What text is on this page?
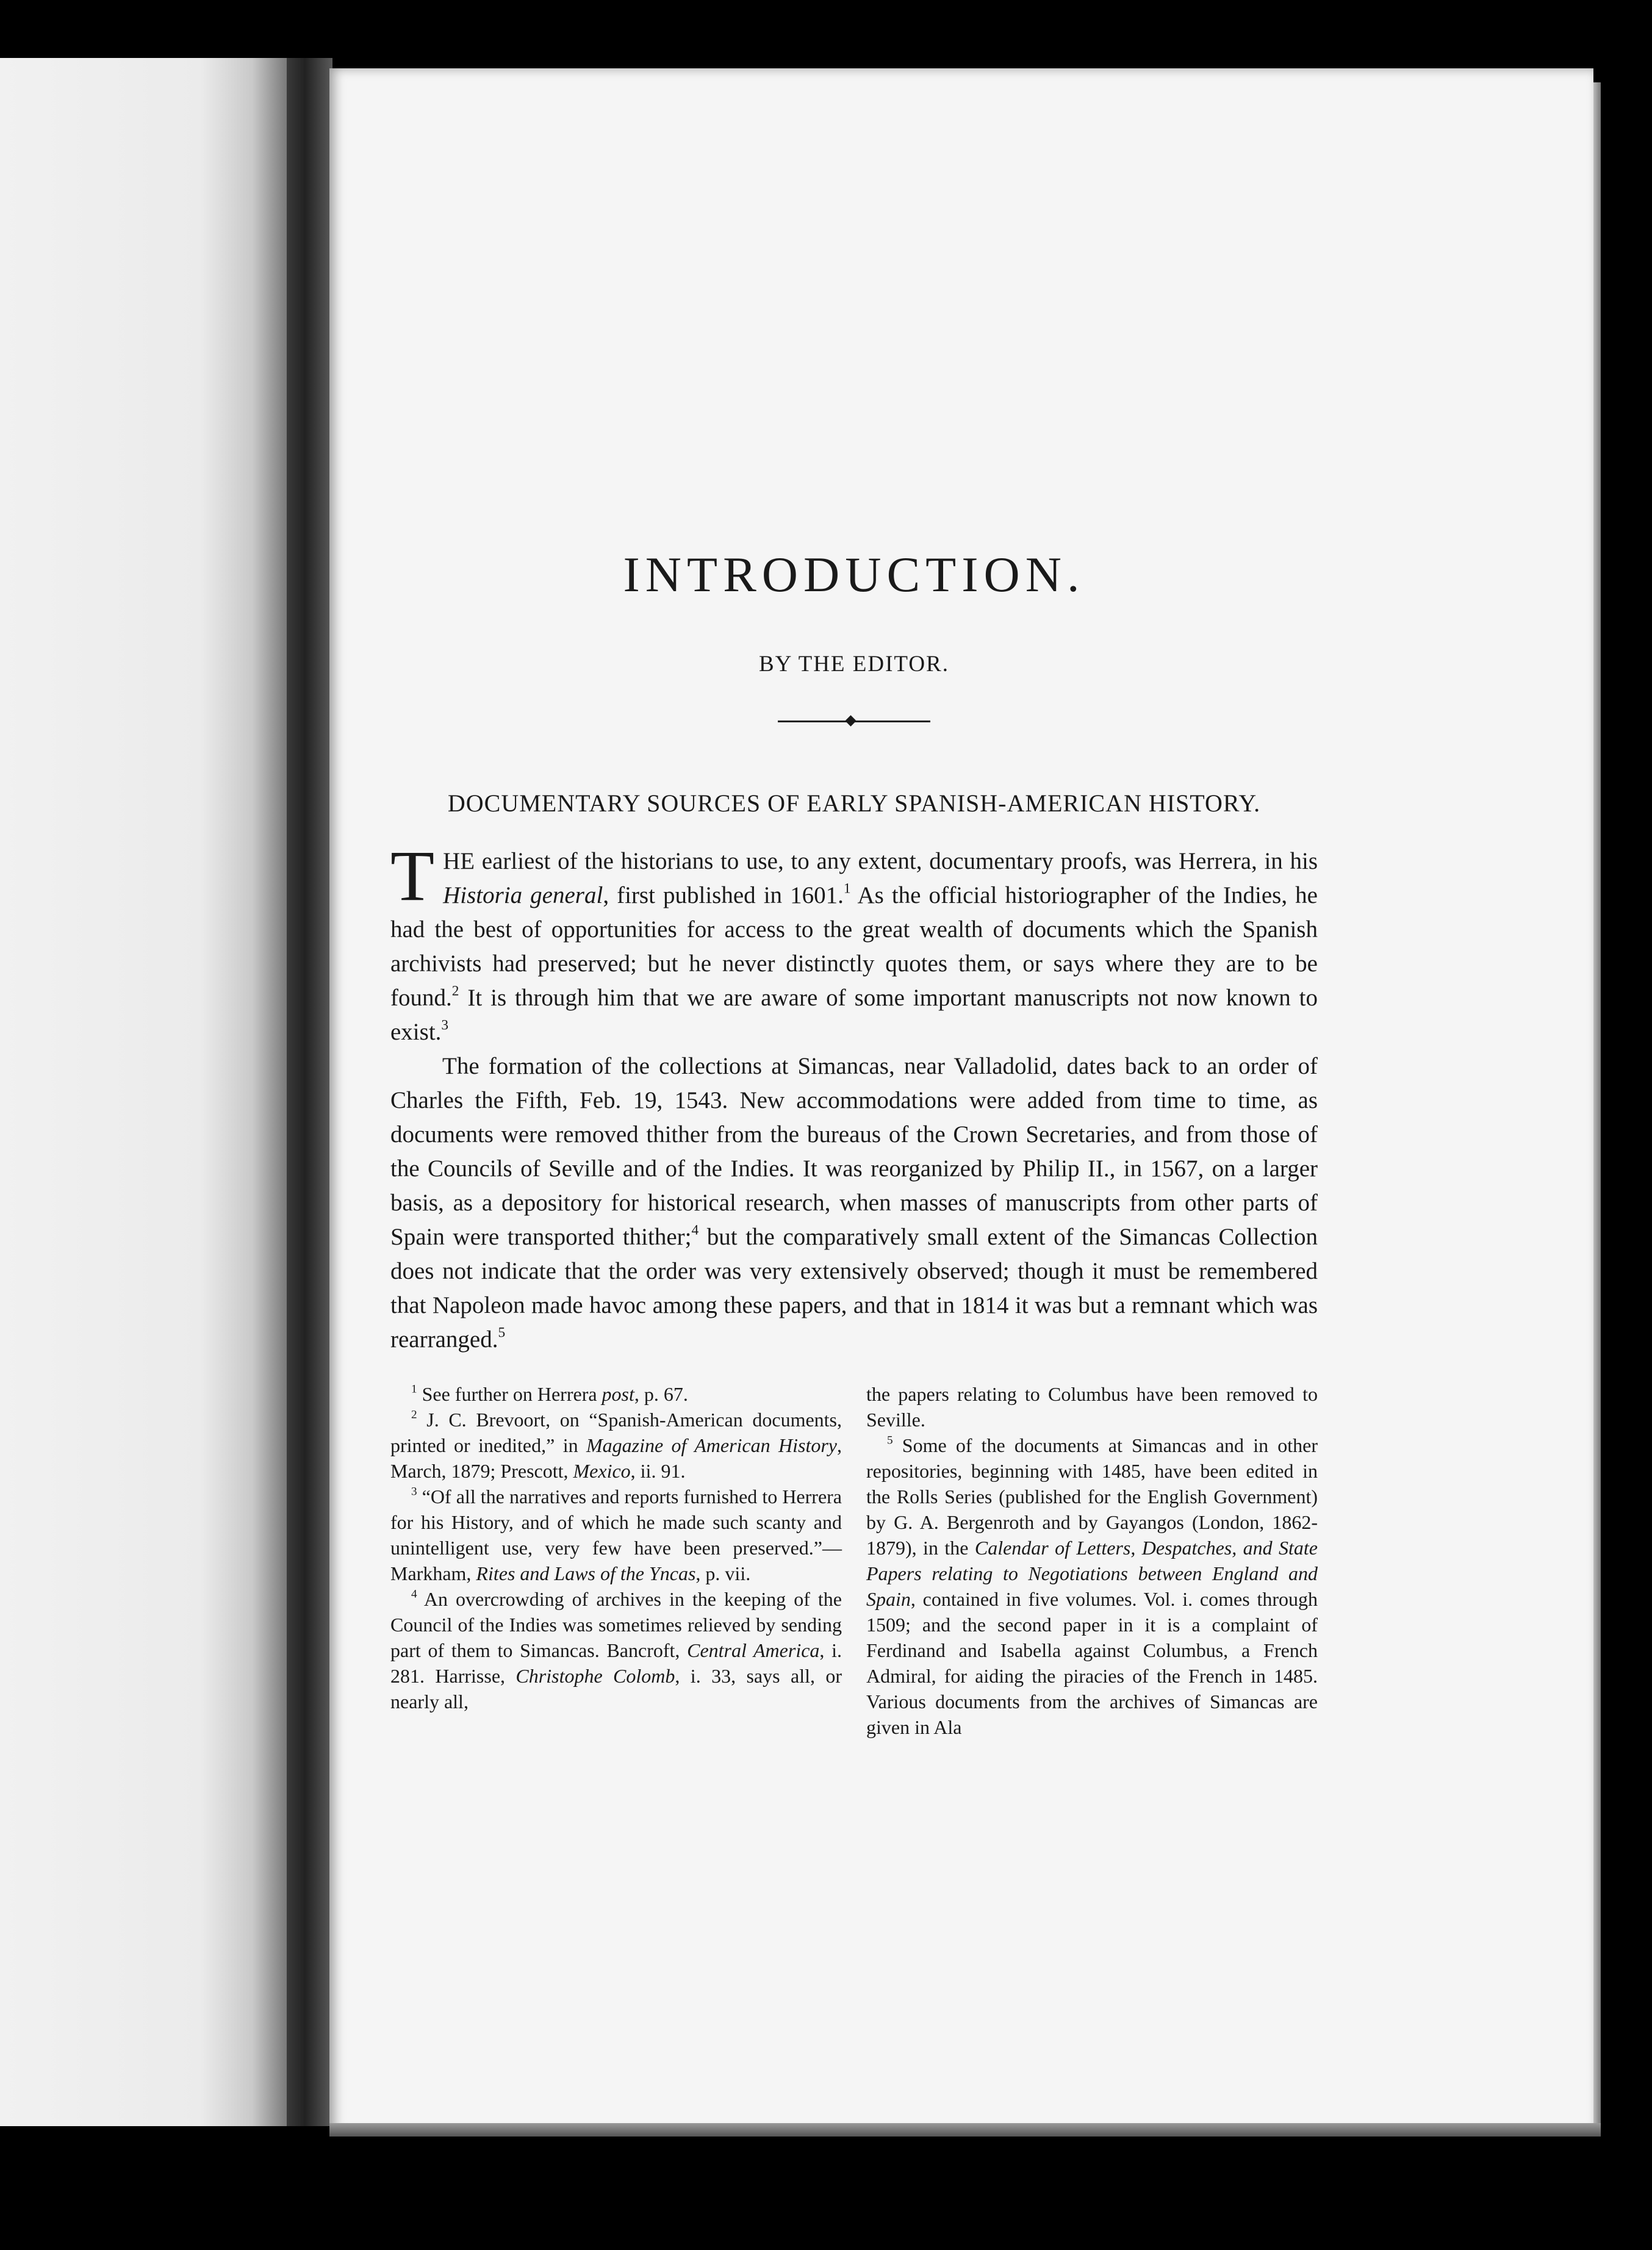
INTRODUCTION.
BY THE EDITOR.
DOCUMENTARY SOURCES OF EARLY SPANISH-AMERICAN HISTORY.

THE earliest of the historians to use, to any extent, documentary proofs, was Herrera, in his Historia general, first published in 1601.$^1$ As the official historiographer of the Indies, he had the best of opportunities for access to the great wealth of documents which the Spanish archivists had preserved; but he never distinctly quotes them, or says where they are to be found.$^2$ It is through him that we are aware of some important manuscripts not now known to exist.$^3$

The formation of the collections at Simancas, near Valladolid, dates back to an order of Charles the Fifth, Feb. 19, 1543. New accommodations were added from time to time, as documents were removed thither from the bureaus of the Crown Secretaries, and from those of the Councils of Seville and of the Indies. It was reorganized by Philip II., in 1567, on a larger basis, as a depository for historical research, when masses of manuscripts from other parts of Spain were transported thither;$^4$ but the comparatively small extent of the Simancas Collection does not indicate that the order was very extensively observed; though it must be remembered that Napoleon made havoc among these papers, and that in 1814 it was but a remnant which was rearranged.$^5$

$^1$ See further on Herrera post, p. 67.

$^2$ J. C. Brevoort, on “Spanish-American documents, printed or inedited,” in Magazine of American History, March, 1879; Prescott, Mexico, ii. 91.

$^3$ “Of all the narratives and reports furnished to Herrera for his History, and of which he made such scanty and unintelligent use, very few have been preserved.”—Markham, Rites and Laws of the Yncas, p. vii.

$^4$ An overcrowding of archives in the keeping of the Council of the Indies was sometimes relieved by sending part of them to Simancas. Bancroft, Central America, i. 281. Harrisse, Christophe Colomb, i. 33, says all, or nearly all,

the papers relating to Columbus have been removed to Seville.

$^5$ Some of the documents at Simancas and in other repositories, beginning with 1485, have been edited in the Rolls Series (published for the English Government) by G. A. Bergenroth and by Gayangos (London, 1862-1879), in the Calendar of Letters, Despatches, and State Papers relating to Negotiations between England and Spain, contained in five volumes. Vol. i. comes through 1509; and the second paper in it is a complaint of Ferdinand and Isabella against Columbus, a French Admiral, for aiding the piracies of the French in 1485. Various documents from the archives of Simancas are given in Ala
